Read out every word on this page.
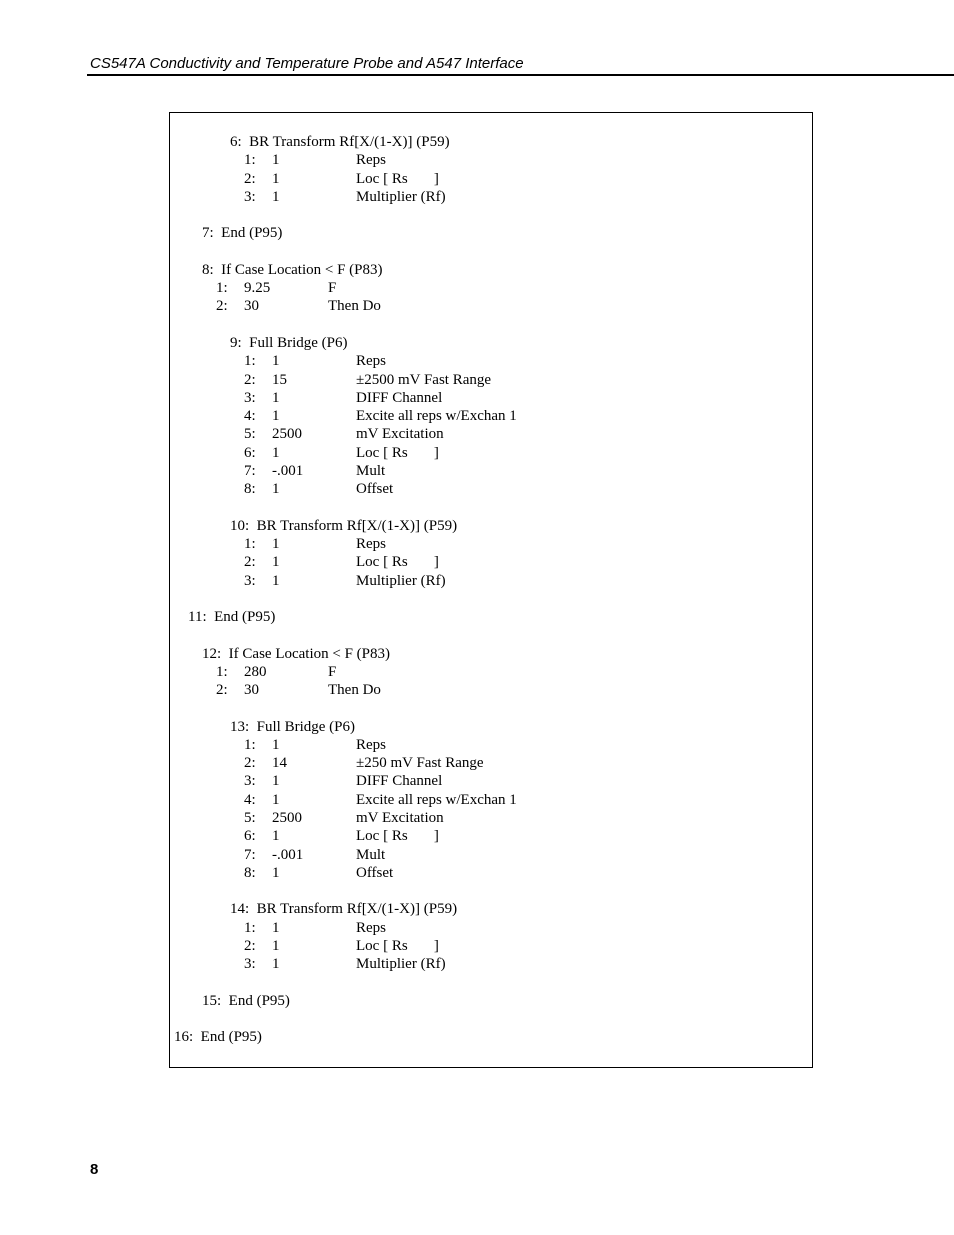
CS547A Conductivity and Temperature Probe and A547 Interface
6:  BR Transform Rf[X/(1-X)] (P59)
1: 1	Reps
2: 1	Loc [ Rs       ]
3: 1	Multiplier (Rf)
7:  End (P95)
8:  If Case Location < F (P83)
1: 9.25	F
2: 30	Then Do
9:  Full Bridge (P6)
1: 1	Reps
2: 15	±2500 mV Fast Range
3: 1	DIFF Channel
4: 1	Excite all reps w/Exchan 1
5: 2500	mV Excitation
6: 1	Loc [ Rs       ]
7: -.001	Mult
8: 1	Offset
10:  BR Transform Rf[X/(1-X)] (P59)
1: 1	Reps
2: 1	Loc [ Rs       ]
3: 1	Multiplier (Rf)
11:  End (P95)
12:  If Case Location < F (P83)
1: 280	F
2: 30	Then Do
13:  Full Bridge (P6)
1: 1	Reps
2: 14	±250 mV Fast Range
3: 1	DIFF Channel
4: 1	Excite all reps w/Exchan 1
5: 2500	mV Excitation
6: 1	Loc [ Rs       ]
7: -.001	Mult
8: 1	Offset
14:  BR Transform Rf[X/(1-X)] (P59)
1: 1	Reps
2: 1	Loc [ Rs       ]
3: 1	Multiplier (Rf)
15:  End (P95)
16:  End (P95)
8
